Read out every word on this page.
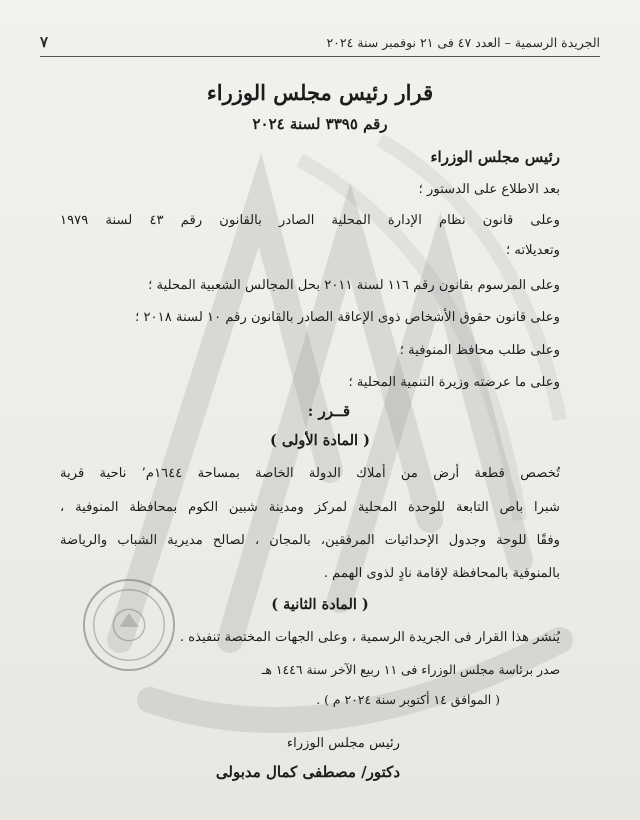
الجريدة الرسمية – العدد ٤٧ فى ٢١ نوفمبر سنة ٢٠٢٤
٧
قرار رئيس مجلس الوزراء
رقم ٣٣٩٥ لسنة ٢٠٢٤
رئيس مجلس الوزراء
بعد الاطلاع على الدستور ؛
وعلى قانون نظام الإدارة المحلية الصادر بالقانون رقم ٤٣ لسنة ١٩٧٩
وتعديلاته ؛
وعلى المرسوم بقانون رقم ١١٦ لسنة ٢٠١١ بحل المجالس الشعبية المحلية ؛
وعلى قانون حقوق الأشخاص ذوى الإعاقة الصادر بالقانون رقم ١٠ لسنة ٢٠١٨ ؛
وعلى طلب محافظ المنوفية ؛
وعلى ما عرضته وزيرة التنمية المحلية ؛
قــرر :
( المادة الأولى )
تُخصص قطعة أرض من أملاك الدولة الخاصة بمساحة ١٦٤٤م٬ ناحية قرية
شبرا باص التابعة للوحدة المحلية لمركز ومدينة شبين الكوم بمحافظة المنوفية ،
وفقًا للوحة وجدول الإحداثيات المرفقين، بالمجان ، لصالح مديرية الشباب والرياضة
بالمنوفية بالمحافظة لإقامة نادٍ لذوى الهمم .
( المادة الثانية )
يُنشر هذا القرار فى الجريدة الرسمية ، وعلى الجهات المختصة تنفيذه .
صدر برئاسة مجلس الوزراء فى ١١ ربيع الآخر سنة ١٤٤٦ هـ
( الموافق ١٤ أكتوبر سنة ٢٠٢٤ م ) .
رئيس مجلس الوزراء
دكتور/ مصطفى كمال مدبولى
